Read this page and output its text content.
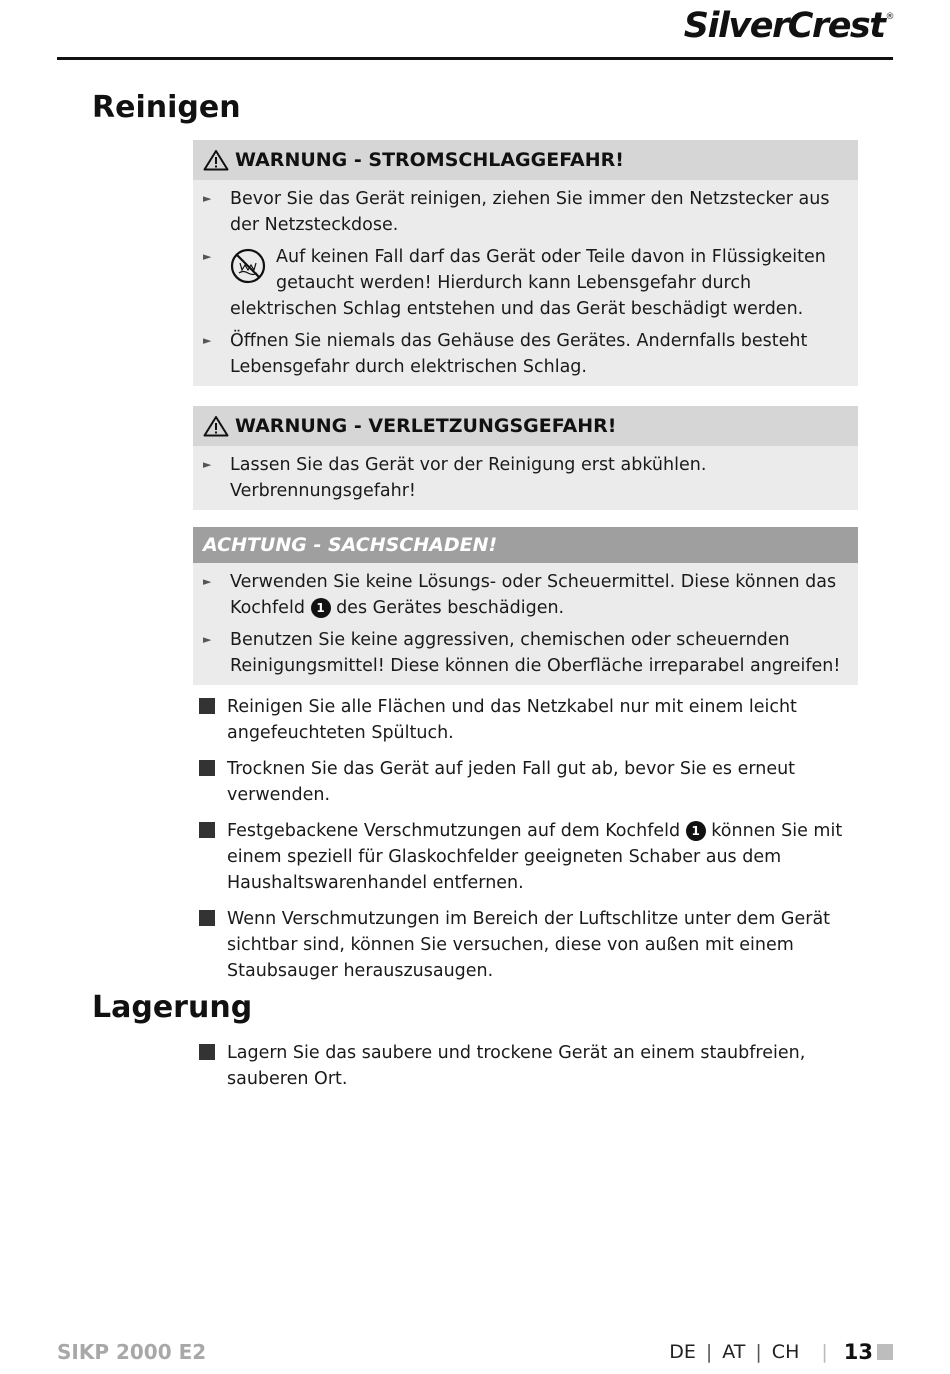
SilverCrest®
Reinigen
WARNUNG - STROMSCHLAGGEFAHR!
►	Bevor Sie das Gerät reinigen, ziehen Sie immer den Netzstecker aus der Netzsteckdose.
►	Auf keinen Fall darf das Gerät oder Teile davon in Flüssigkeiten getaucht werden! Hierdurch kann Lebensgefahr durch elektrischen Schlag entstehen und das Gerät beschädigt werden.
►	Öffnen Sie niemals das Gehäuse des Gerätes. Andernfalls besteht Lebensgefahr durch elektrischen Schlag.
WARNUNG - VERLETZUNGSGEFAHR!
►	Lassen Sie das Gerät vor der Reinigung erst abkühlen. Verbrennungsgefahr!
ACHTUNG - SACHSCHADEN!
►	Verwenden Sie keine Lösungs- oder Scheuermittel. Diese können das Kochfeld 1 des Gerätes beschädigen.
►	Benutzen Sie keine aggressiven, chemischen oder scheuernden Reinigungsmittel! Diese können die Oberfläche irreparabel angreifen!
Reinigen Sie alle Flächen und das Netzkabel nur mit einem leicht angefeuchteten Spültuch.
Trocknen Sie das Gerät auf jeden Fall gut ab, bevor Sie es erneut verwenden.
Festgebackene Verschmutzungen auf dem Kochfeld 1 können Sie mit einem speziell für Glaskochfelder geeigneten Schaber aus dem Haushaltswarenhandel entfernen.
Wenn Verschmutzungen im Bereich der Luftschlitze unter dem Gerät sichtbar sind, können Sie versuchen, diese von außen mit einem Staubsauger herauszusaugen.
Lagerung
Lagern Sie das saubere und trockene Gerät an einem staubfreien, sauberen Ort.
SIKP 2000 E2	DE | AT | CH | 13
